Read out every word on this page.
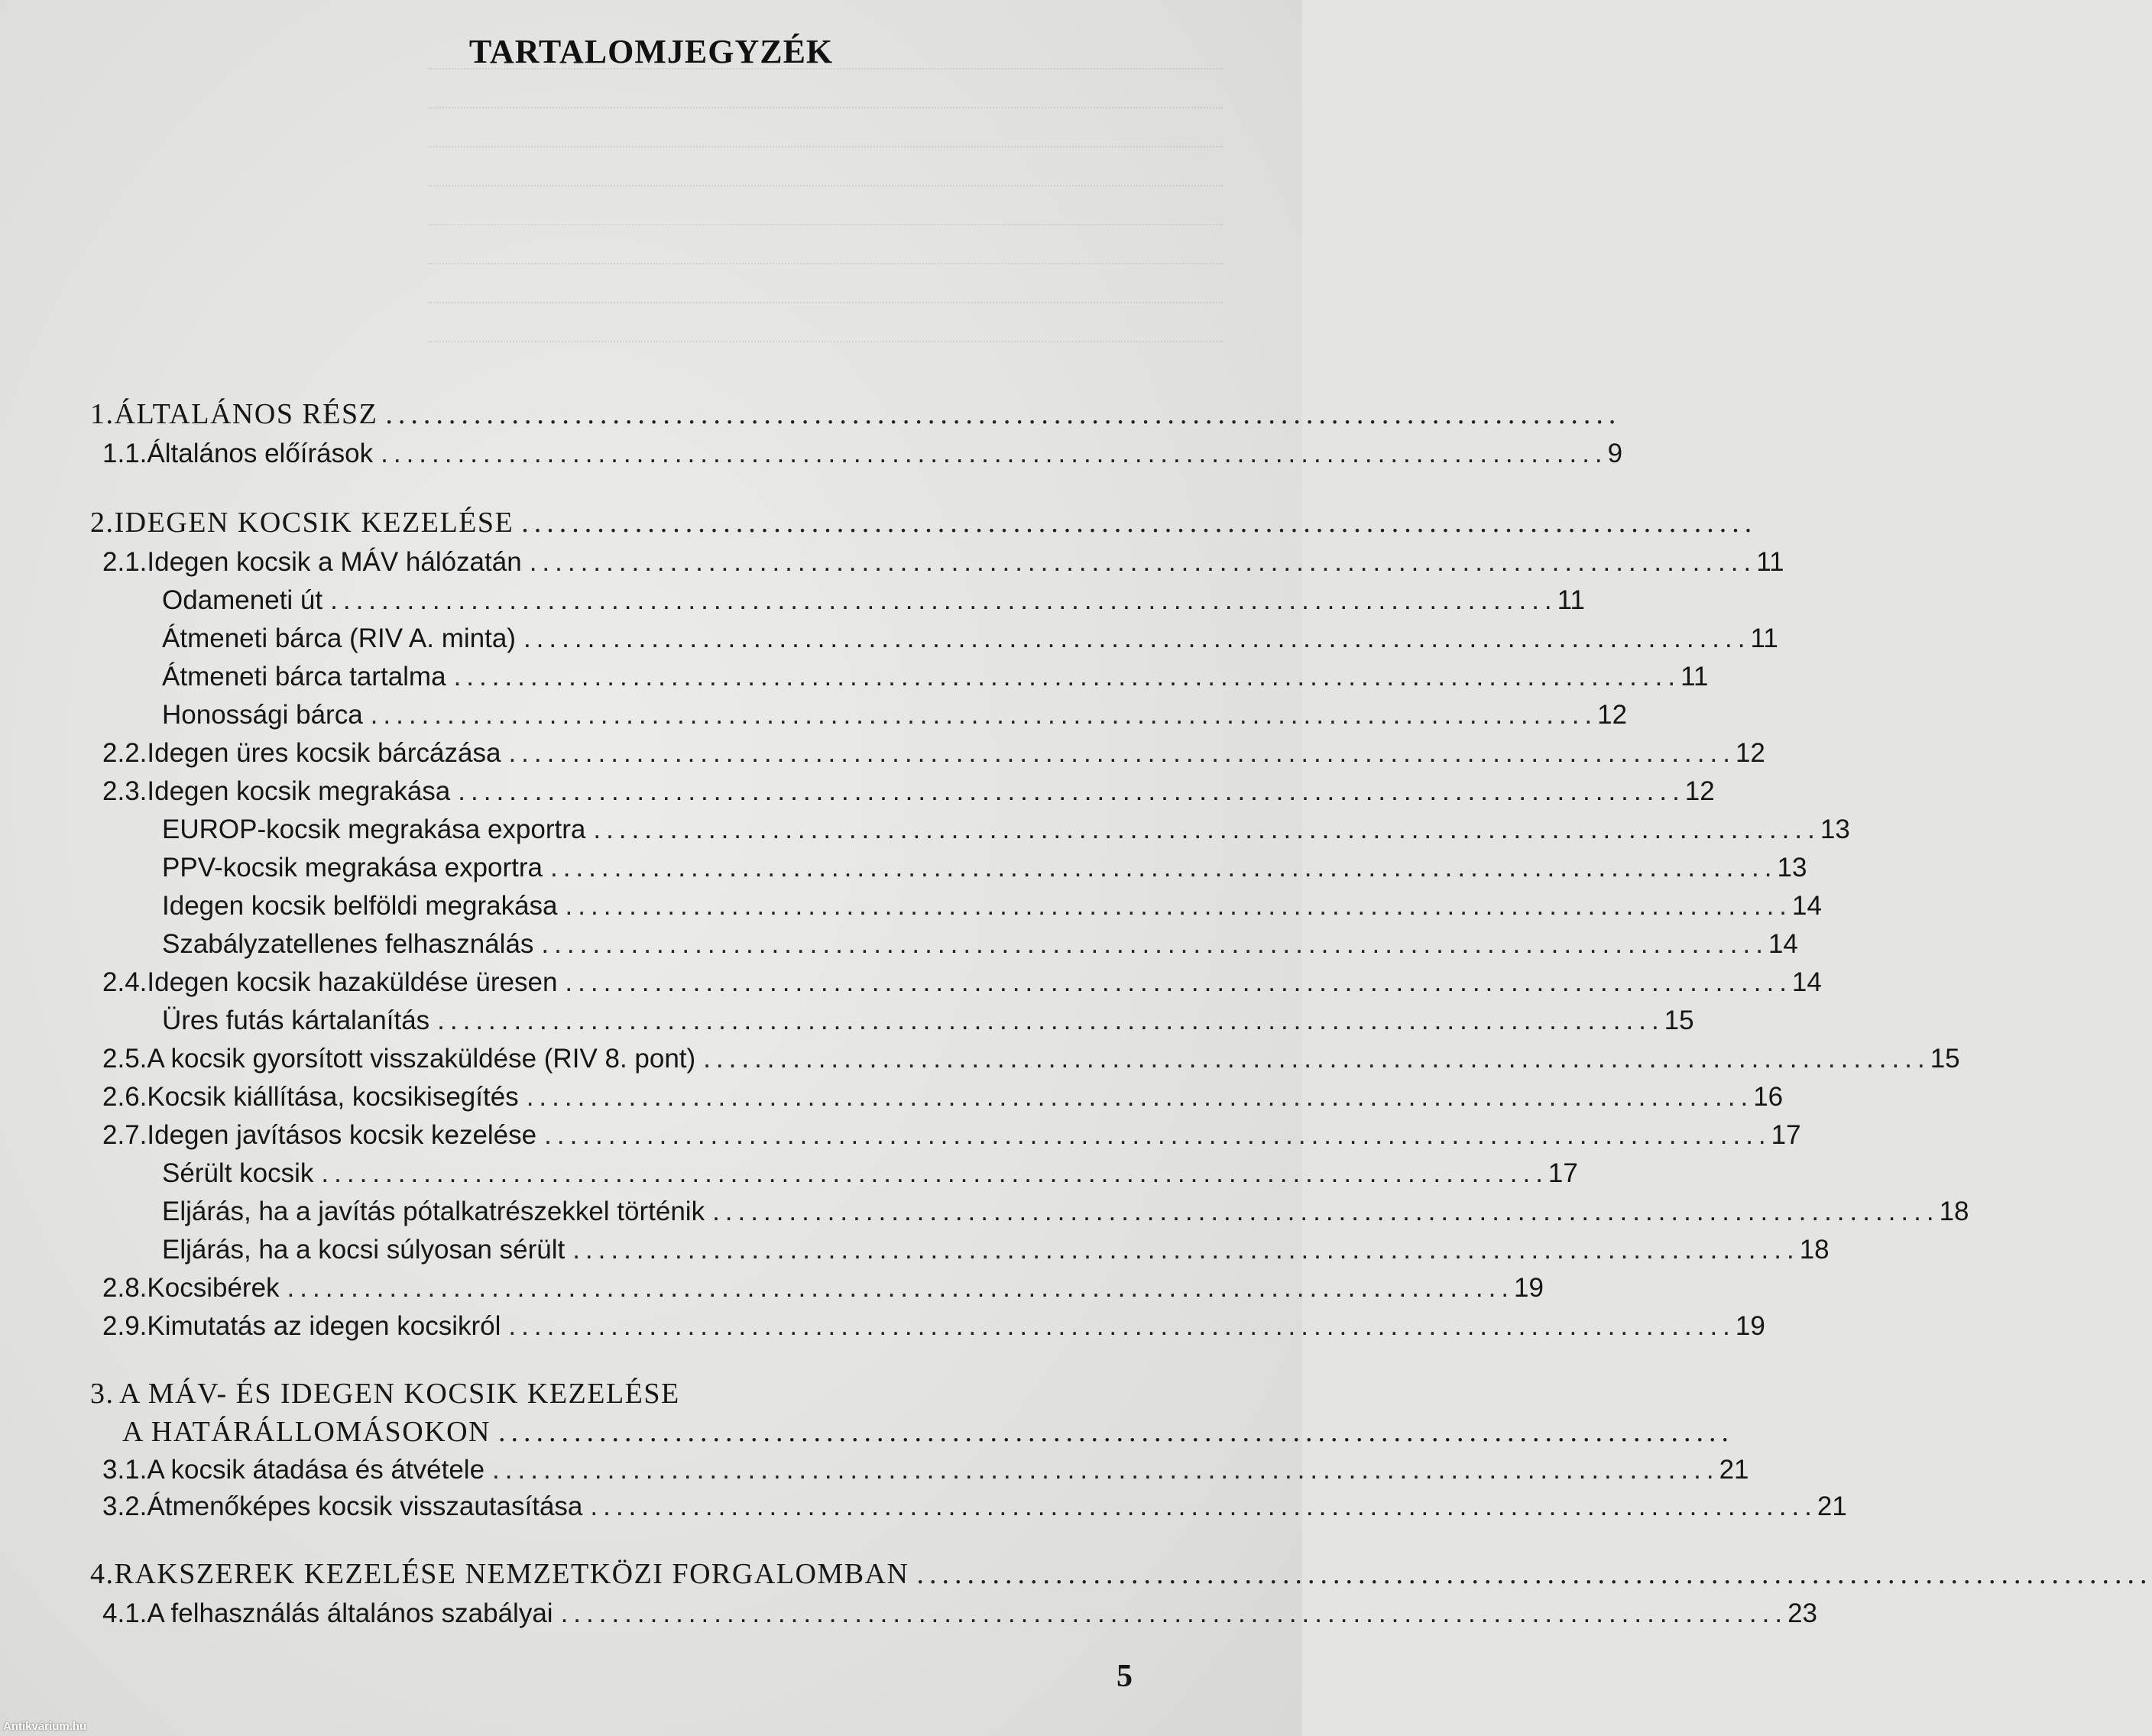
TARTALOMJEGYZÉK
1. ÁLTALÁNOS RÉSZ ..................................................................................................
1.1. Általános előírások ................................................................................................ 9
2. IDEGEN KOCSIK KEZELÉSE ..................................................................................................
2.1. Idegen kocsik a MÁV hálózatán ................................................................................................ 11
Odameneti út ................................................................................................ 11
Átmeneti bárca (RIV A. minta) ................................................................................................ 11
Átmeneti bárca tartalma ................................................................................................ 11
Honossági bárca ................................................................................................ 12
2.2. Idegen üres kocsik bárcázása ................................................................................................ 12
2.3. Idegen kocsik megrakása ................................................................................................ 12
EUROP-kocsik megrakása exportra ................................................................................................ 13
PPV-kocsik megrakása exportra ................................................................................................ 13
Idegen kocsik belföldi megrakása ................................................................................................ 14
Szabályzatellenes felhasználás ................................................................................................ 14
2.4. Idegen kocsik hazaküldése üresen ................................................................................................ 14
Üres futás kártalanítás ................................................................................................ 15
2.5. A kocsik gyorsított visszaküldése (RIV 8. pont) ................................................................................................ 15
2.6. Kocsik kiállítása, kocsikisegítés ................................................................................................ 16
2.7. Idegen javításos kocsik kezelése ................................................................................................ 17
Sérült kocsik ................................................................................................ 17
Eljárás, ha a javítás pótalkatrészekkel történik ................................................................................................ 18
Eljárás, ha a kocsi súlyosan sérült ................................................................................................ 18
2.8. Kocsibérek ................................................................................................ 19
2.9. Kimutatás az idegen kocsikról ................................................................................................ 19
3. A MÁV- ÉS IDEGEN KOCSIK KEZELÉSE
A HATÁRÁLLOMÁSOKON ..................................................................................................
3.1. A kocsik átadása és átvétele ................................................................................................ 21
3.2. Átmenőképes kocsik visszautasítása ................................................................................................ 21
4. RAKSZEREK KEZELÉSE NEMZETKÖZI FORGALOMBAN ..................................................................................................
4.1. A felhasználás általános szabályai ................................................................................................ 23
5
Antikvárium.hu
